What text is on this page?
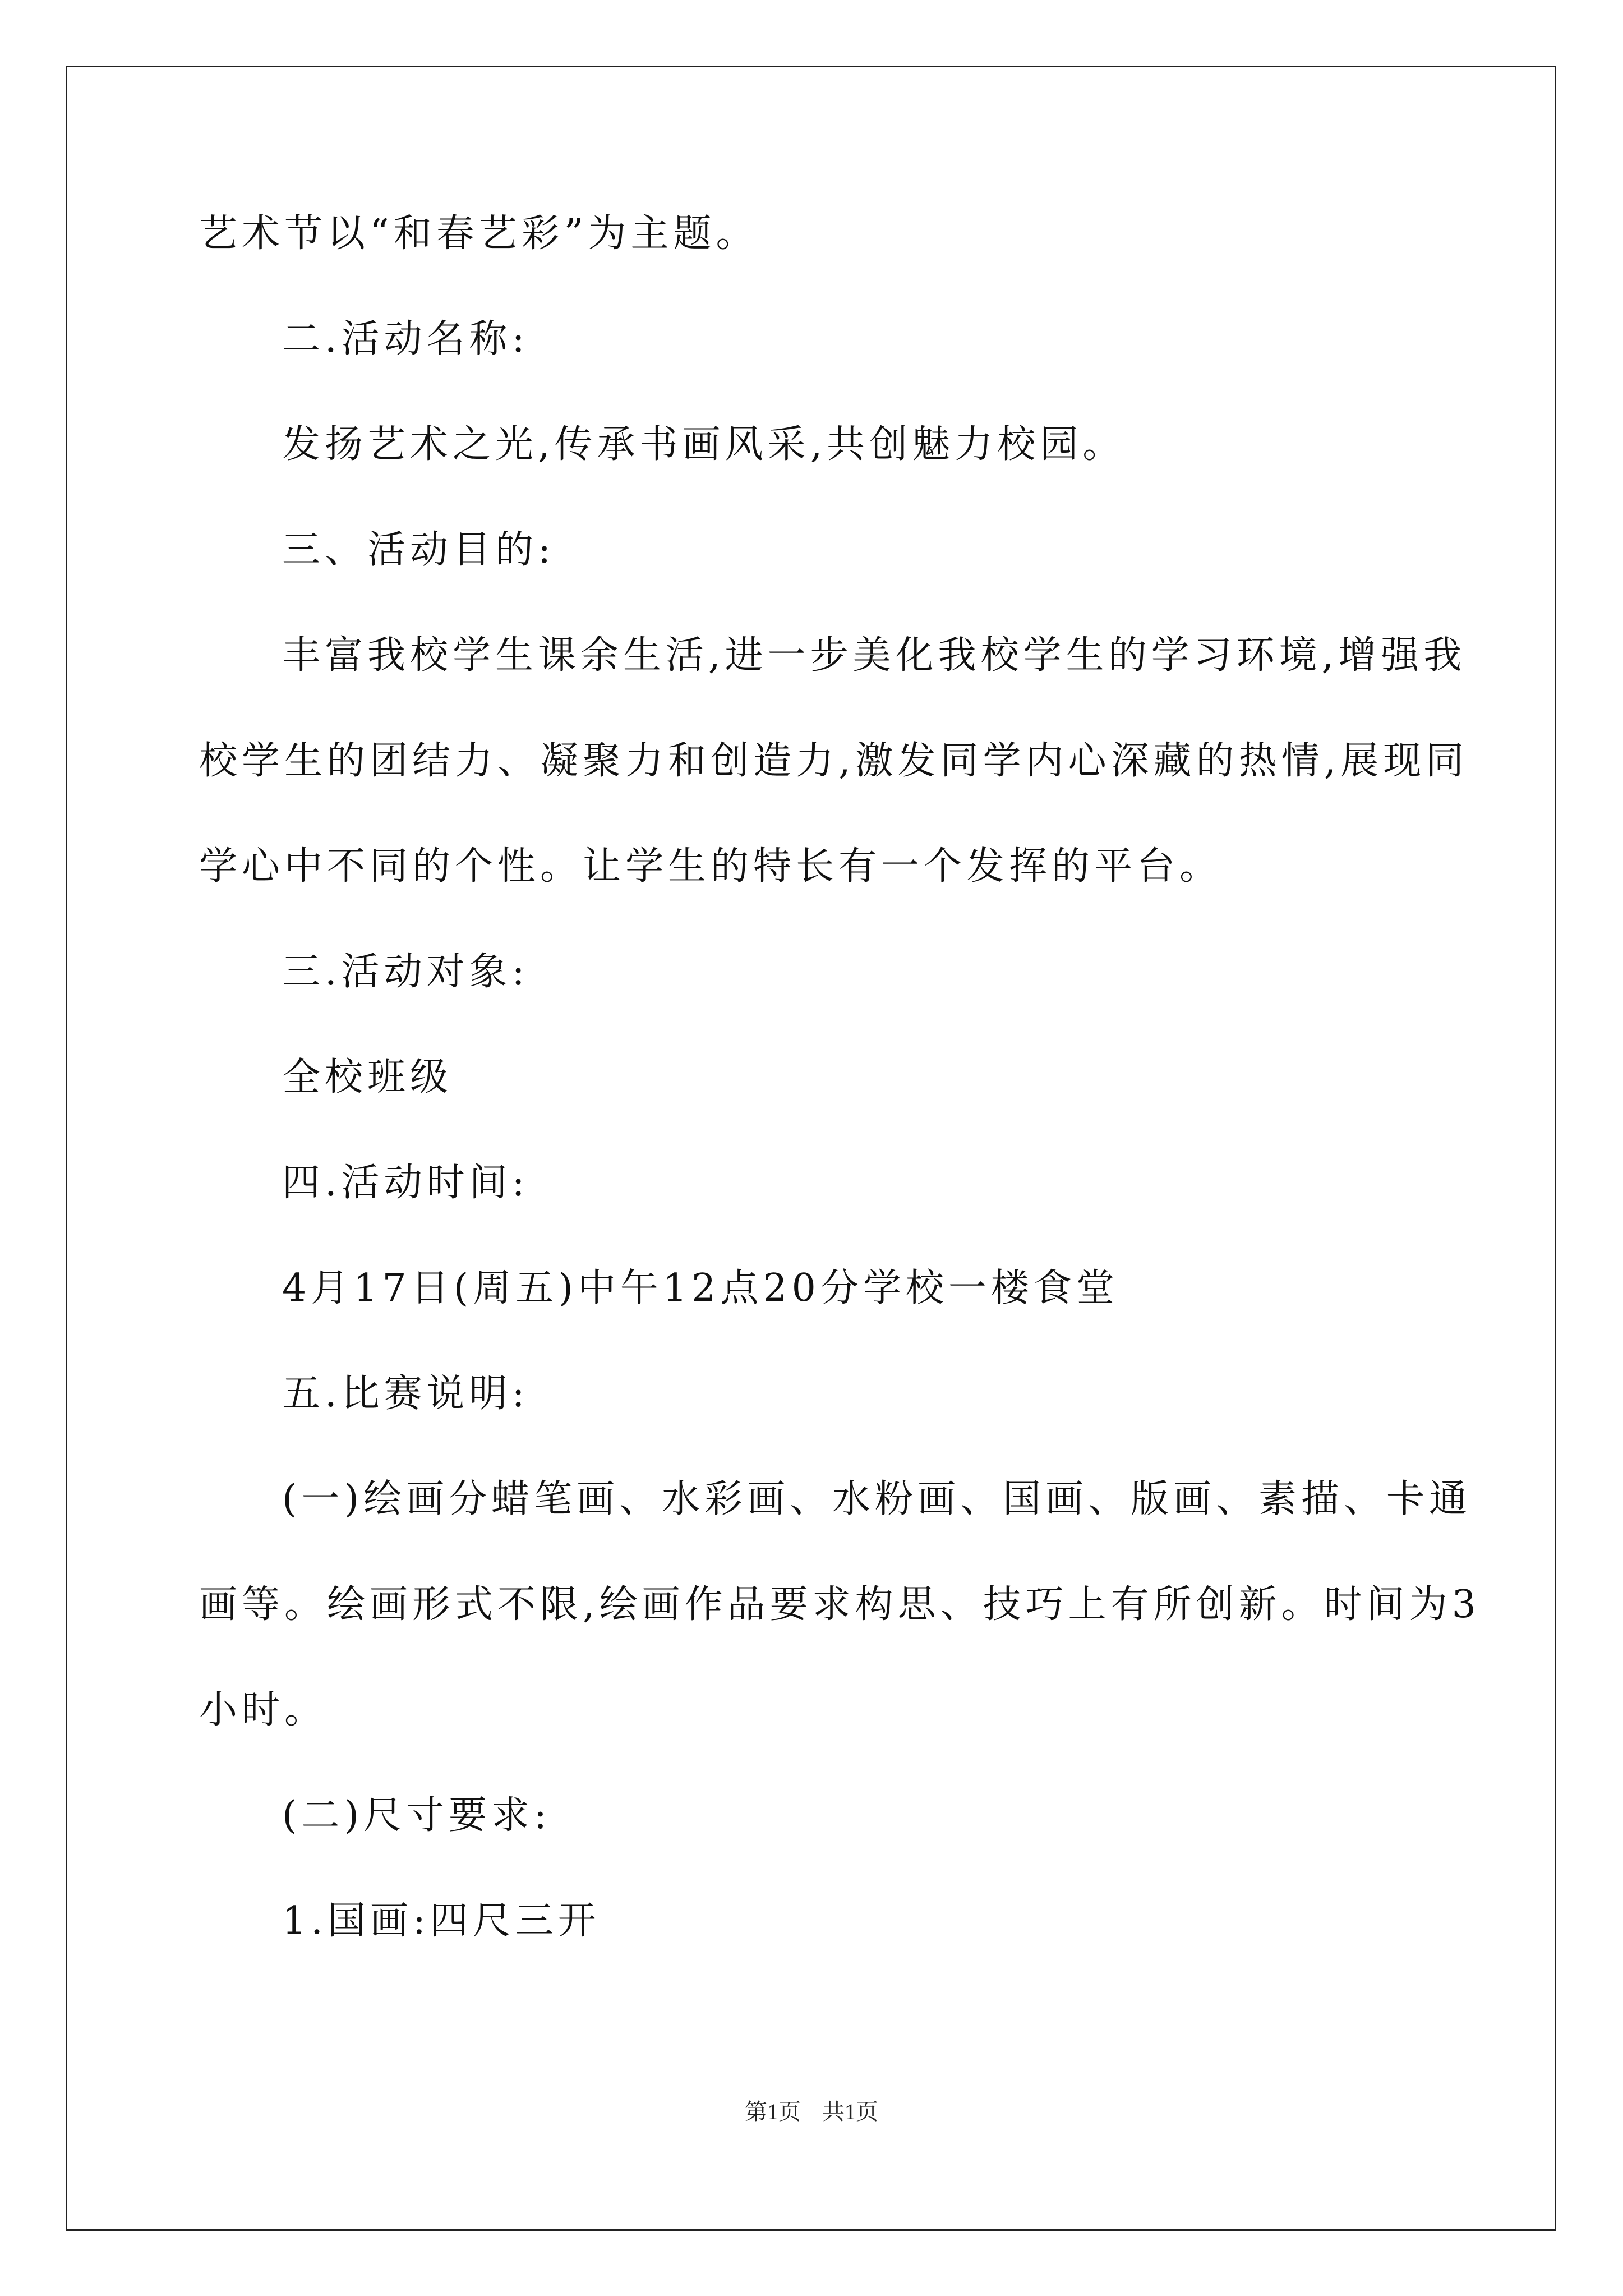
艺术节以“和春艺彩”为主题。
二.活动名称:
发扬艺术之光,传承书画风采,共创魅力校园。
三、活动目的:
丰富我校学生课余生活,进一步美化我校学生的学习环境,增强我
校学生的团结力、凝聚力和创造力,激发同学内心深藏的热情,展现同
学心中不同的个性。让学生的特长有一个发挥的平台。
三.活动对象:
全校班级
四.活动时间:
4月17日(周五)中午12点20分学校一楼食堂
五.比赛说明:
(一)绘画分蜡笔画、水彩画、水粉画、国画、版画、素描、卡通
画等。绘画形式不限,绘画作品要求构思、技巧上有所创新。时间为3
小时。
(二)尺寸要求:
1.国画:四尺三开
第1页 共1页
